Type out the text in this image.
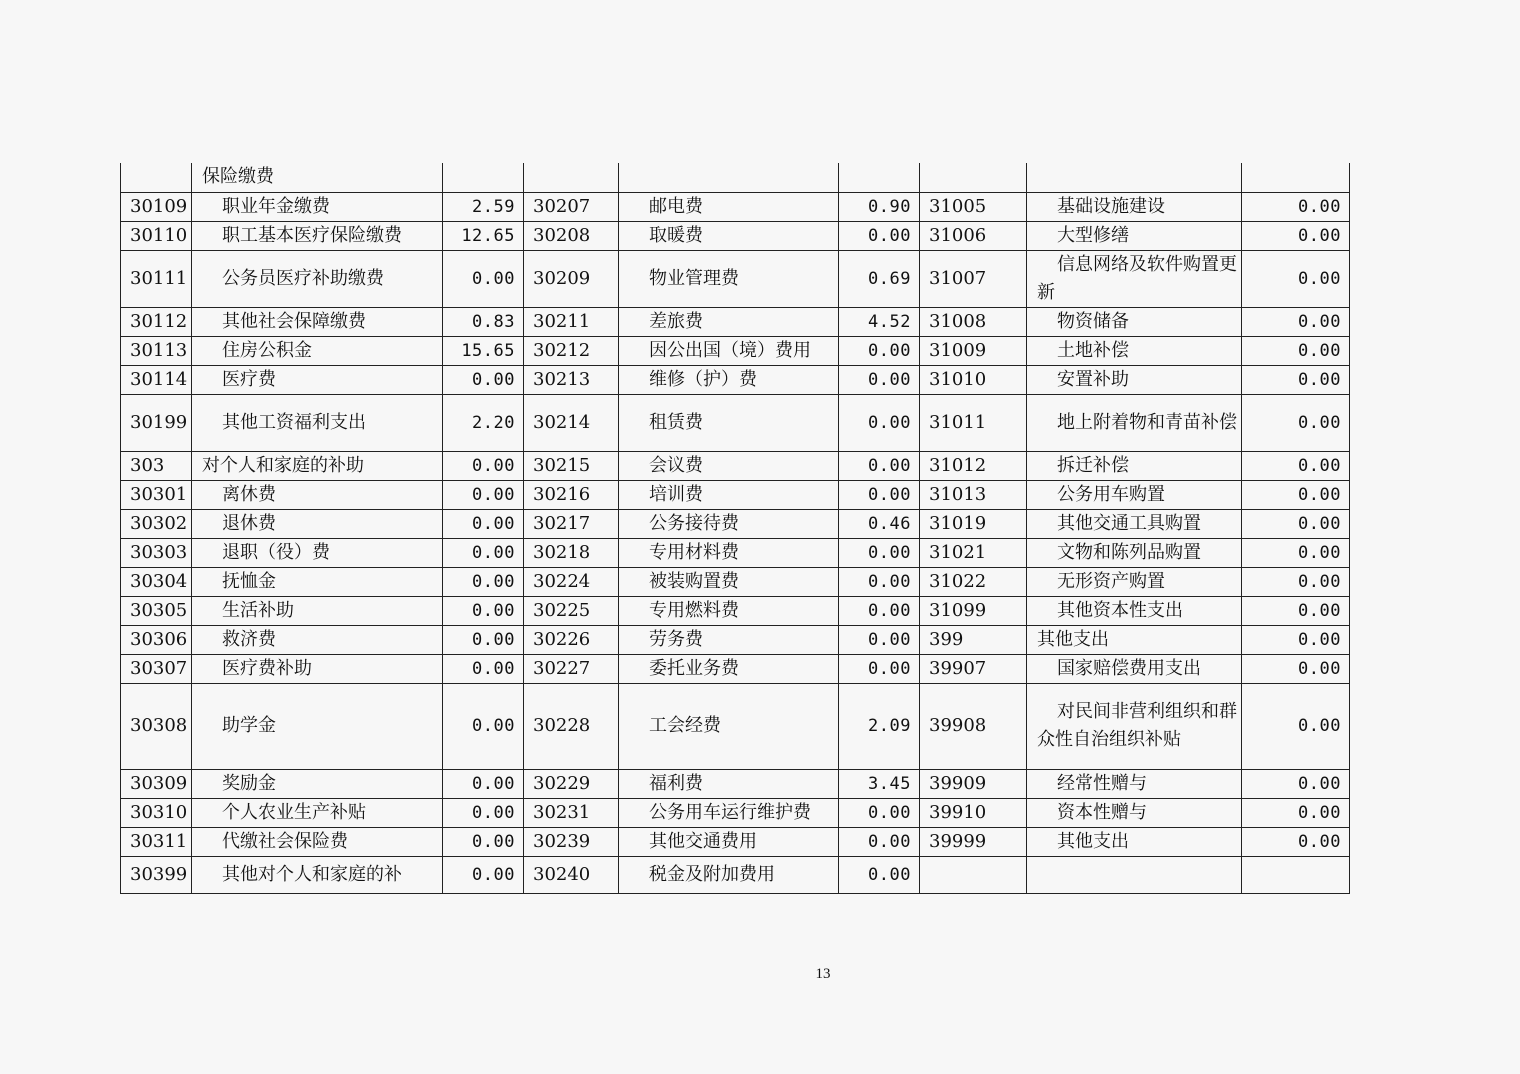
	保险缴费							
30109	职业年金缴费	2.59	30207	邮电费	0.90	31005	基础设施建设	0.00
30110	职工基本医疗保险缴费	12.65	30208	取暖费	0.00	31006	大型修缮	0.00
30111	公务员医疗补助缴费	0.00	30209	物业管理费	0.69	31007	信息网络及软件购置更新	0.00
30112	其他社会保障缴费	0.83	30211	差旅费	4.52	31008	物资储备	0.00
30113	住房公积金	15.65	30212	因公出国（境）费用	0.00	31009	土地补偿	0.00
30114	医疗费	0.00	30213	维修（护）费	0.00	31010	安置补助	0.00
30199	其他工资福利支出	2.20	30214	租赁费	0.00	31011	地上附着物和青苗补偿	0.00
303	对个人和家庭的补助	0.00	30215	会议费	0.00	31012	拆迁补偿	0.00
30301	离休费	0.00	30216	培训费	0.00	31013	公务用车购置	0.00
30302	退休费	0.00	30217	公务接待费	0.46	31019	其他交通工具购置	0.00
30303	退职（役）费	0.00	30218	专用材料费	0.00	31021	文物和陈列品购置	0.00
30304	抚恤金	0.00	30224	被装购置费	0.00	31022	无形资产购置	0.00
30305	生活补助	0.00	30225	专用燃料费	0.00	31099	其他资本性支出	0.00
30306	救济费	0.00	30226	劳务费	0.00	399	其他支出	0.00
30307	医疗费补助	0.00	30227	委托业务费	0.00	39907	国家赔偿费用支出	0.00
30308	助学金	0.00	30228	工会经费	2.09	39908	对民间非营利组织和群众性自治组织补贴	0.00
30309	奖励金	0.00	30229	福利费	3.45	39909	经常性赠与	0.00
30310	个人农业生产补贴	0.00	30231	公务用车运行维护费	0.00	39910	资本性赠与	0.00
30311	代缴社会保险费	0.00	30239	其他交通费用	0.00	39999	其他支出	0.00
30399	其他对个人和家庭的补	0.00	30240	税金及附加费用	0.00			
13
